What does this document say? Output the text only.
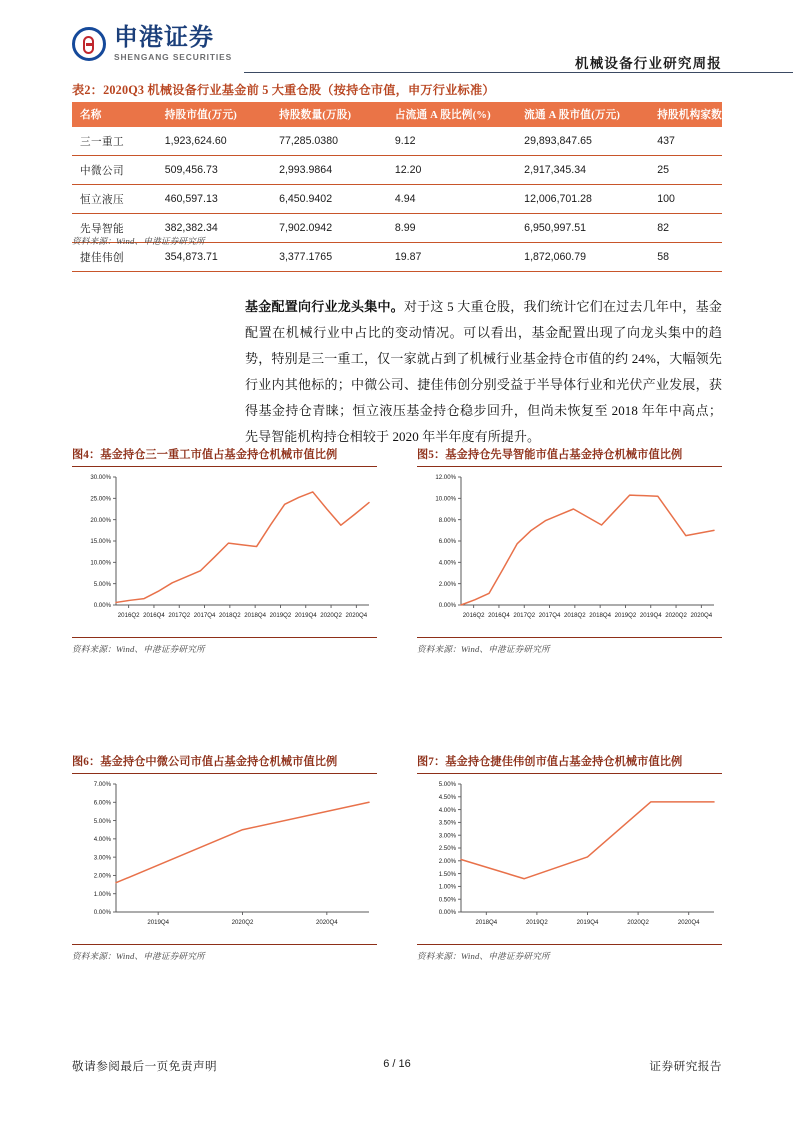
申港证券
SHENGANG SECURITIES	机械设备行业研究周报
表2：2020Q3 机械设备行业基金前 5 大重仓股（按持仓市值，申万行业标准）
名称	持股市值(万元)	持股数量(万股)	占流通 A 股比例(%)	流通 A 股市值(万元)	持股机构家数
三一重工	1,923,624.60	77,285.0380	9.12	29,893,847.65	437
中微公司	509,456.73	2,993.9864	12.20	2,917,345.34	25
恒立液压	460,597.13	6,450.9402	4.94	12,006,701.28	100
先导智能	382,382.34	7,902.0942	8.99	6,950,997.51	82
捷佳伟创	354,873.71	3,377.1765	19.87	1,872,060.79	58
资料来源：Wind、申港证券研究所
基金配置向行业龙头集中。对于这 5 大重仓股，我们统计它们在过去几年中，基金配置在机械行业中占比的变动情况。可以看出，基金配置出现了向龙头集中的趋势，特别是三一重工，仅一家就占到了机械行业基金持仓市值的约 24%，大幅领先行业内其他标的；中微公司、捷佳伟创分别受益于半导体行业和光伏产业发展，获得基金持仓青睐；恒立液压基金持仓稳步回升，但尚未恢复至 2018 年年中高点；先导智能机构持仓相较于 2020 年半年度有所提升。
图4：基金持仓三一重工市值占基金持仓机械市值比例
0.00%
5.00%
10.00%
15.00%
20.00%
25.00%
30.00%
2016Q2 2016Q4 2017Q2 2017Q4 2018Q2 2018Q4 2019Q2 2019Q4 2020Q2 2020Q4
资料来源：Wind、申港证券研究所
图5：基金持仓先导智能市值占基金持仓机械市值比例
0.00%
2.00%
4.00%
6.00%
8.00%
10.00%
12.00%
2016Q2 2016Q4 2017Q2 2017Q4 2018Q2 2018Q4 2019Q2 2019Q4 2020Q2 2020Q4
资料来源：Wind、申港证券研究所
图6：基金持仓中微公司市值占基金持仓机械市值比例
0.00%
1.00%
2.00%
3.00%
4.00%
5.00%
6.00%
7.00%
2019Q4	2020Q2	2020Q4
资料来源：Wind、申港证券研究所
图7：基金持仓捷佳伟创市值占基金持仓机械市值比例
0.00%
0.50%
1.00%
1.50%
2.00%
2.50%
3.00%
3.50%
4.00%
4.50%
5.00%
2018Q4	2019Q2	2019Q4	2020Q2	2020Q4
资料来源：Wind、申港证券研究所
敬请参阅最后一页免责声明	6 / 16	证券研究报告
